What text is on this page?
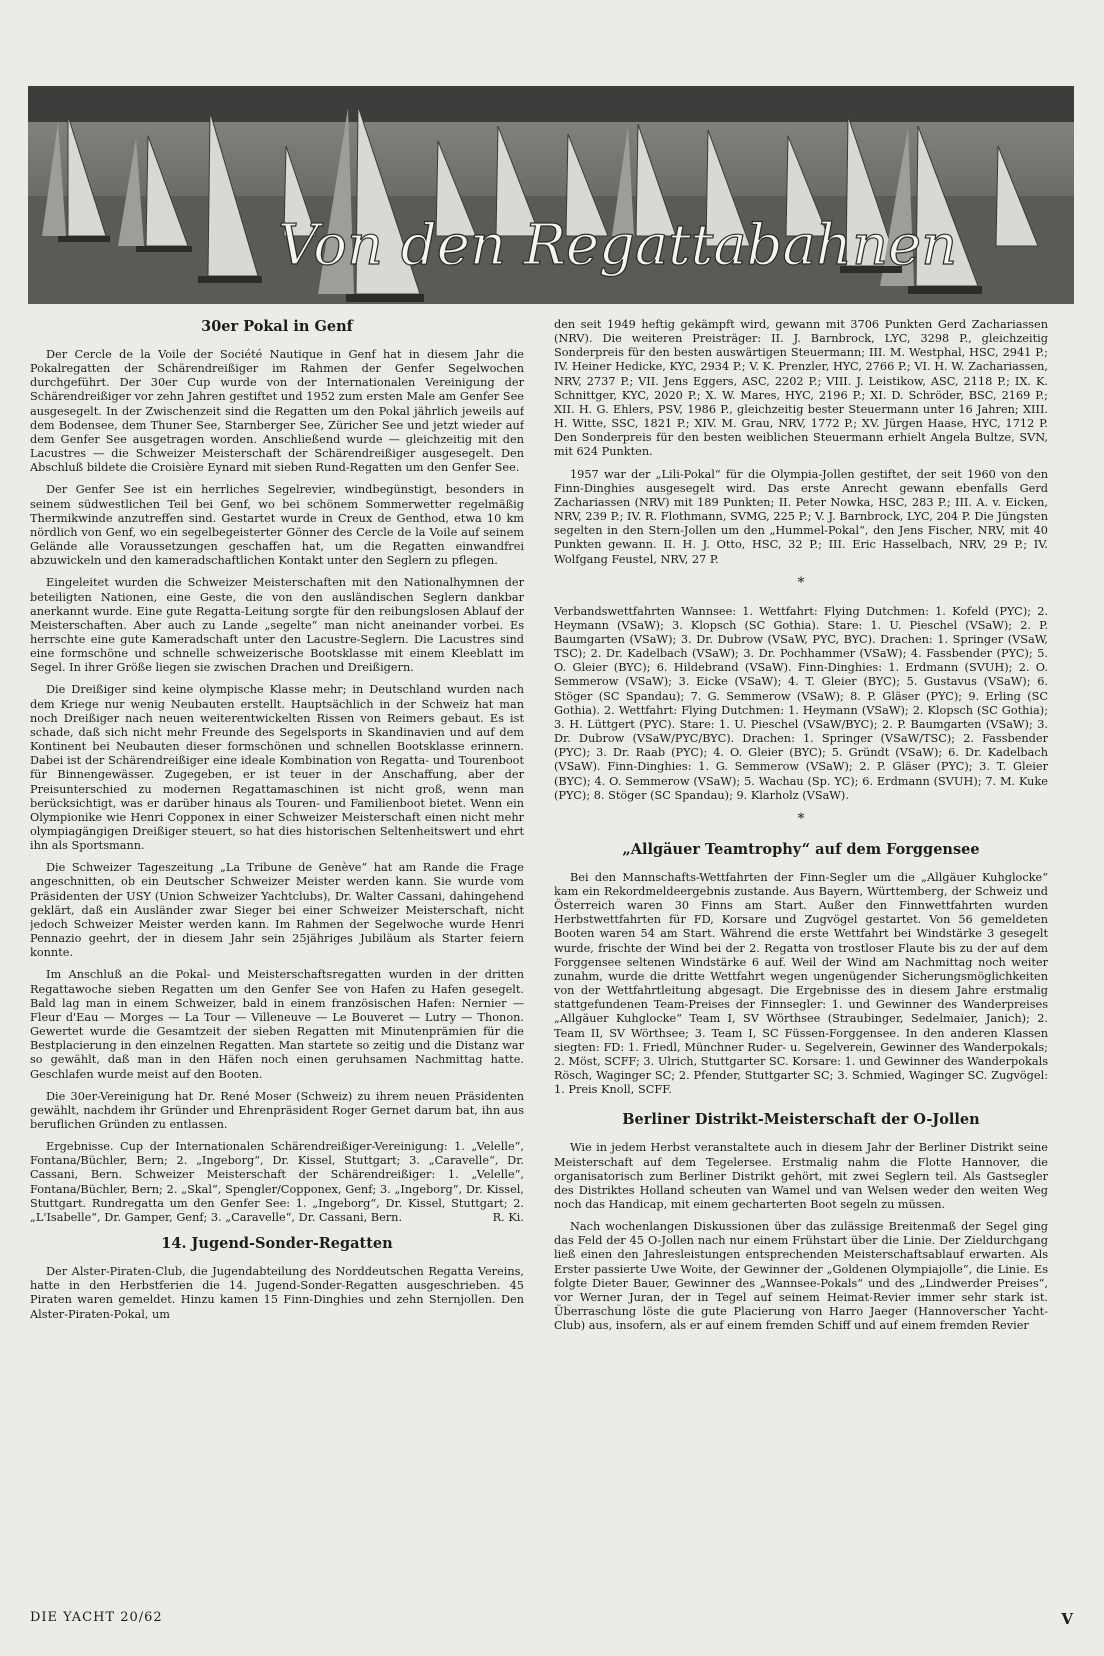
Von den Regattabahnen
30er Pokal in Genf

Der Cercle de la Voile der Société Nautique in Genf hat in diesem Jahr die Pokalregatten der Schärendreißiger im Rahmen der Genfer Segelwochen durchgeführt. Der 30er Cup wurde von der Internationalen Vereinigung der Schärendreißiger vor zehn Jahren gestiftet und 1952 zum ersten Male am Genfer See ausgesegelt. In der Zwischenzeit sind die Regatten um den Pokal jährlich jeweils auf dem Bodensee, dem Thuner See, Starnberger See, Züricher See und jetzt wieder auf dem Genfer See ausgetragen worden. Anschließend wurde — gleichzeitig mit den Lacustres — die Schweizer Meisterschaft der Schärendreißiger ausgesegelt. Den Abschluß bildete die Croisière Eynard mit sieben Rund-Regatten um den Genfer See.

Der Genfer See ist ein herrliches Segelrevier, windbegünstigt, besonders in seinem südwestlichen Teil bei Genf, wo bei schönem Sommerwetter regelmäßig Thermikwinde anzutreffen sind. Gestartet wurde in Creux de Genthod, etwa 10 km nördlich von Genf, wo ein segelbegeisterter Gönner des Cercle de la Voile auf seinem Gelände alle Voraussetzungen geschaffen hat, um die Regatten einwandfrei abzuwickeln und den kameradschaftlichen Kontakt unter den Seglern zu pflegen.

Eingeleitet wurden die Schweizer Meisterschaften mit den Nationalhymnen der beteiligten Nationen, eine Geste, die von den ausländischen Seglern dankbar anerkannt wurde. Eine gute Regatta-Leitung sorgte für den reibungslosen Ablauf der Meisterschaften. Aber auch zu Lande „segelte“ man nicht aneinander vorbei. Es herrschte eine gute Kameradschaft unter den Lacustre-Seglern. Die Lacustres sind eine formschöne und schnelle schweizerische Bootsklasse mit einem Kleeblatt im Segel. In ihrer Größe liegen sie zwischen Drachen und Dreißigern.

Die Dreißiger sind keine olympische Klasse mehr; in Deutschland wurden nach dem Kriege nur wenig Neubauten erstellt. Hauptsächlich in der Schweiz hat man noch Dreißiger nach neuen weiterentwickelten Rissen von Reimers gebaut. Es ist schade, daß sich nicht mehr Freunde des Segelsports in Skandinavien und auf dem Kontinent bei Neubauten dieser formschönen und schnellen Bootsklasse erinnern. Dabei ist der Schärendreißiger eine ideale Kombination von Regatta- und Tourenboot für Binnengewässer. Zugegeben, er ist teuer in der Anschaffung, aber der Preisunterschied zu modernen Regattamaschinen ist nicht groß, wenn man berücksichtigt, was er darüber hinaus als Touren- und Familienboot bietet. Wenn ein Olympionike wie Henri Copponex in einer Schweizer Meisterschaft einen nicht mehr olympiagängigen Dreißiger steuert, so hat dies historischen Seltenheitswert und ehrt ihn als Sportsmann.

Die Schweizer Tageszeitung „La Tribune de Genève“ hat am Rande die Frage angeschnitten, ob ein Deutscher Schweizer Meister werden kann. Sie wurde vom Präsidenten der USY (Union Schweizer Yachtclubs), Dr. Walter Cassani, dahingehend geklärt, daß ein Ausländer zwar Sieger bei einer Schweizer Meisterschaft, nicht jedoch Schweizer Meister werden kann. Im Rahmen der Segelwoche wurde Henri Pennazio geehrt, der in diesem Jahr sein 25jähriges Jubiläum als Starter feiern konnte.

Im Anschluß an die Pokal- und Meisterschaftsregatten wurden in der dritten Regattawoche sieben Regatten um den Genfer See von Hafen zu Hafen gesegelt. Bald lag man in einem Schweizer, bald in einem französischen Hafen: Nernier — Fleur d'Eau — Morges — La Tour — Villeneuve — Le Bouveret — Lutry — Thonon. Gewertet wurde die Gesamtzeit der sieben Regatten mit Minutenprämien für die Bestplacierung in den einzelnen Regatten. Man startete so zeitig und die Distanz war so gewählt, daß man in den Häfen noch einen geruhsamen Nachmittag hatte. Geschlafen wurde meist auf den Booten.

Die 30er-Vereinigung hat Dr. René Moser (Schweiz) zu ihrem neuen Präsidenten gewählt, nachdem ihr Gründer und Ehrenpräsident Roger Gernet darum bat, ihn aus beruflichen Gründen zu entlassen.

Ergebnisse. Cup der Internationalen Schärendreißiger-Vereinigung: 1. „Velelle“, Fontana/Büchler, Bern; 2. „Ingeborg“, Dr. Kissel, Stuttgart; 3. „Caravelle“, Dr. Cassani, Bern. Schweizer Meisterschaft der Schärendreißiger: 1. „Velelle“, Fontana/Büchler, Bern; 2. „Skal“, Spengler/Copponex, Genf; 3. „Ingeborg“, Dr. Kissel, Stuttgart. Rundregatta um den Genfer See: 1. „Ingeborg“, Dr. Kissel, Stuttgart; 2. „L'Isabelle“, Dr. Gamper, Genf; 3. „Caravelle“, Dr. Cassani, Bern.	R. Ki.

14. Jugend-Sonder-Regatten

Der Alster-Piraten-Club, die Jugendabteilung des Norddeutschen Regatta Vereins, hatte in den Herbstferien die 14. Jugend-Sonder-Regatten ausgeschrieben. 45 Piraten waren gemeldet. Hinzu kamen 15 Finn-Dinghies und zehn Sternjollen. Den Alster-Piraten-Pokal, um

den seit 1949 heftig gekämpft wird, gewann mit 3706 Punkten Gerd Zachariassen (NRV). Die weiteren Preisträger: II. J. Barnbrock, LYC, 3298 P., gleichzeitig Sonderpreis für den besten auswärtigen Steuermann; III. M. Westphal, HSC, 2941 P.; IV. Heiner Hedicke, KYC, 2934 P.; V. K. Prenzler, HYC, 2766 P.; VI. H. W. Zachariassen, NRV, 2737 P.; VII. Jens Eggers, ASC, 2202 P.; VIII. J. Leistikow, ASC, 2118 P.; IX. K. Schnittger, KYC, 2020 P.; X. W. Mares, HYC, 2196 P.; XI. D. Schröder, BSC, 2169 P.; XII. H. G. Ehlers, PSV, 1986 P., gleichzeitig bester Steuermann unter 16 Jahren; XIII. H. Witte, SSC, 1821 P.; XIV. M. Grau, NRV, 1772 P.; XV. Jürgen Haase, HYC, 1712 P. Den Sonderpreis für den besten weiblichen Steuermann erhielt Angela Bultze, SVN, mit 624 Punkten.

1957 war der „Lili-Pokal“ für die Olympia-Jollen gestiftet, der seit 1960 von den Finn-Dinghies ausgesegelt wird. Das erste Anrecht gewann ebenfalls Gerd Zachariassen (NRV) mit 189 Punkten; II. Peter Nowka, HSC, 283 P.; III. A. v. Eicken, NRV, 239 P.; IV. R. Flothmann, SVMG, 225 P.; V. J. Barnbrock, LYC, 204 P. Die Jüngsten segelten in den Stern-Jollen um den „Hummel-Pokal“, den Jens Fischer, NRV, mit 40 Punkten gewann. II. H. J. Otto, HSC, 32 P.; III. Eric Hasselbach, NRV, 29 P.; IV. Wolfgang Feustel, NRV, 27 P.

*

Verbandswettfahrten Wannsee: 1. Wettfahrt: Flying Dutchmen: 1. Kofeld (PYC); 2. Heymann (VSaW); 3. Klopsch (SC Gothia). Stare: 1. U. Pieschel (VSaW); 2. P. Baumgarten (VSaW); 3. Dr. Dubrow (VSaW, PYC, BYC). Drachen: 1. Springer (VSaW, TSC); 2. Dr. Kadelbach (VSaW); 3. Dr. Pochhammer (VSaW); 4. Fassbender (PYC); 5. O. Gleier (BYC); 6. Hildebrand (VSaW). Finn-Dinghies: 1. Erdmann (SVUH); 2. O. Semmerow (VSaW); 3. Eicke (VSaW); 4. T. Gleier (BYC); 5. Gustavus (VSaW); 6. Stöger (SC Spandau); 7. G. Semmerow (VSaW); 8. P. Gläser (PYC); 9. Erling (SC Gothia). 2. Wettfahrt: Flying Dutchmen: 1. Heymann (VSaW); 2. Klopsch (SC Gothia); 3. H. Lüttgert (PYC). Stare: 1. U. Pieschel (VSaW/BYC); 2. P. Baumgarten (VSaW); 3. Dr. Dubrow (VSaW/PYC/BYC). Drachen: 1. Springer (VSaW/TSC); 2. Fassbender (PYC); 3. Dr. Raab (PYC); 4. O. Gleier (BYC); 5. Gründt (VSaW); 6. Dr. Kadelbach (VSaW). Finn-Dinghies: 1. G. Semmerow (VSaW); 2. P. Gläser (PYC); 3. T. Gleier (BYC); 4. O. Semmerow (VSaW); 5. Wachau (Sp. YC); 6. Erdmann (SVUH); 7. M. Kuke (PYC); 8. Stöger (SC Spandau); 9. Klarholz (VSaW).

*
„Allgäuer Teamtrophy“ auf dem Forggensee

Bei den Mannschafts-Wettfahrten der Finn-Segler um die „Allgäuer Kuhglocke“ kam ein Rekordmeldeergebnis zustande. Aus Bayern, Württemberg, der Schweiz und Österreich waren 30 Finns am Start. Außer den Finnwettfahrten wurden Herbstwettfahrten für FD, Korsare und Zugvögel gestartet. Von 56 gemeldeten Booten waren 54 am Start. Während die erste Wettfahrt bei Windstärke 3 gesegelt wurde, frischte der Wind bei der 2. Regatta von trostloser Flaute bis zu der auf dem Forggensee seltenen Windstärke 6 auf. Weil der Wind am Nachmittag noch weiter zunahm, wurde die dritte Wettfahrt wegen ungenügender Sicherungsmöglichkeiten von der Wettfahrtleitung abgesagt. Die Ergebnisse des in diesem Jahre erstmalig stattgefundenen Team-Preises der Finnsegler: 1. und Gewinner des Wanderpreises „Allgäuer Kuhglocke“ Team I, SV Wörthsee (Straubinger, Sedelmaier, Janich); 2. Team II, SV Wörthsee; 3. Team I, SC Füssen-Forggensee. In den anderen Klassen siegten: FD: 1. Friedl, Münchner Ruder- u. Segelverein, Gewinner des Wanderpokals; 2. Möst, SCFF; 3. Ulrich, Stuttgarter SC. Korsare: 1. und Gewinner des Wanderpokals Rösch, Waginger SC; 2. Pfender, Stuttgarter SC; 3. Schmied, Waginger SC. Zugvögel: 1. Preis Knoll, SCFF.

Berliner Distrikt-Meisterschaft der O-Jollen

Wie in jedem Herbst veranstaltete auch in diesem Jahr der Berliner Distrikt seine Meisterschaft auf dem Tegelersee. Erstmalig nahm die Flotte Hannover, die organisatorisch zum Berliner Distrikt gehört, mit zwei Seglern teil. Als Gastsegler des Distriktes Holland scheuten van Wamel und van Welsen weder den weiten Weg noch das Handicap, mit einem gecharterten Boot segeln zu müssen.

Nach wochenlangen Diskussionen über das zulässige Breitenmaß der Segel ging das Feld der 45 O-Jollen nach nur einem Frühstart über die Linie. Der Zieldurchgang ließ einen den Jahresleistungen entsprechenden Meisterschaftsablauf erwarten. Als Erster passierte Uwe Woite, der Gewinner der „Goldenen Olympiajolle“, die Linie. Es folgte Dieter Bauer, Gewinner des „Wannsee-Pokals“ und des „Lindwerder Preises“, vor Werner Juran, der in Tegel auf seinem Heimat-Revier immer sehr stark ist. Überraschung löste die gute Placierung von Harro Jaeger (Hannoverscher Yacht-Club) aus, insofern, als er auf einem fremden Schiff und auf einem fremden Revier

DIE YACHT 20/62	V
